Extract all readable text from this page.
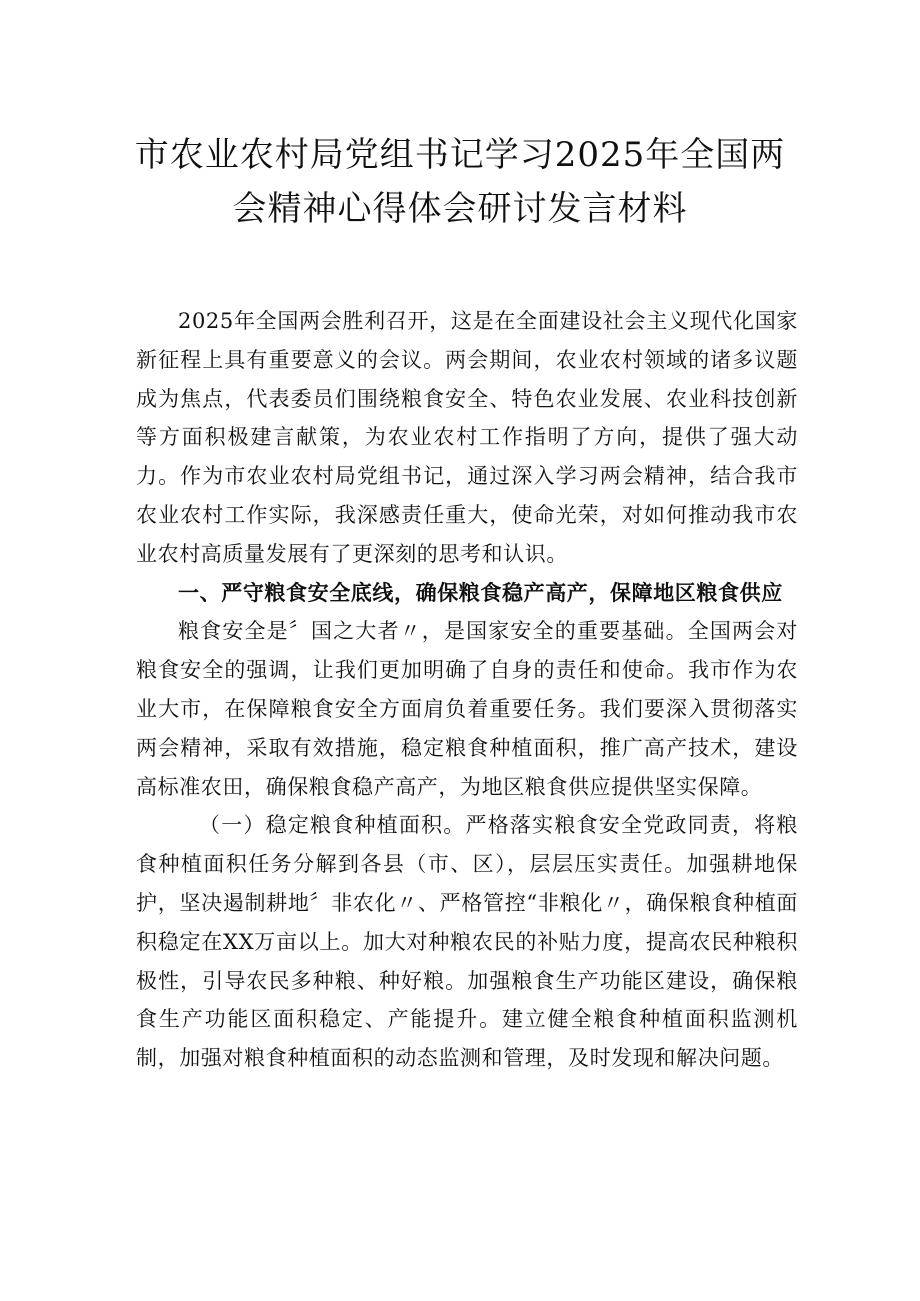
市农业农村局党组书记学习2025年全国两
会精神心得体会研讨发言材料

2025年全国两会胜利召开，这是在全面建设社会主义现代化国家新征程上具有重要意义的会议。两会期间，农业农村领域的诸多议题成为焦点，代表委员们围绕粮食安全、特色农业发展、农业科技创新等方面积极建言献策，为农业农村工作指明了方向，提供了强大动力。作为市农业农村局党组书记，通过深入学习两会精神，结合我市农业农村工作实际，我深感责任重大，使命光荣，对如何推动我市农业农村高质量发展有了更深刻的思考和认识。

一、严守粮食安全底线，确保粮食稳产高产，保障地区粮食供应

粮食安全是〞国之大者〃，是国家安全的重要基础。全国两会对粮食安全的强调，让我们更加明确了自身的责任和使命。我市作为农业大市，在保障粮食安全方面肩负着重要任务。我们要深入贯彻落实两会精神，采取有效措施，稳定粮食种植面积，推广高产技术，建设高标准农田，确保粮食稳产高产，为地区粮食供应提供坚实保障。

（一）稳定粮食种植面积。严格落实粮食安全党政同责，将粮食种植面积任务分解到各县（市、区），层层压实责任。加强耕地保护，坚决遏制耕地〞非农化〃、严格管控“非粮化〃，确保粮食种植面积稳定在XX万亩以上。加大对种粮农民的补贴力度，提高农民种粮积极性，引导农民多种粮、种好粮。加强粮食生产功能区建设，确保粮食生产功能区面积稳定、产能提升。建立健全粮食种植面积监测机制，加强对粮食种植面积的动态监测和管理，及时发现和解决问题。
